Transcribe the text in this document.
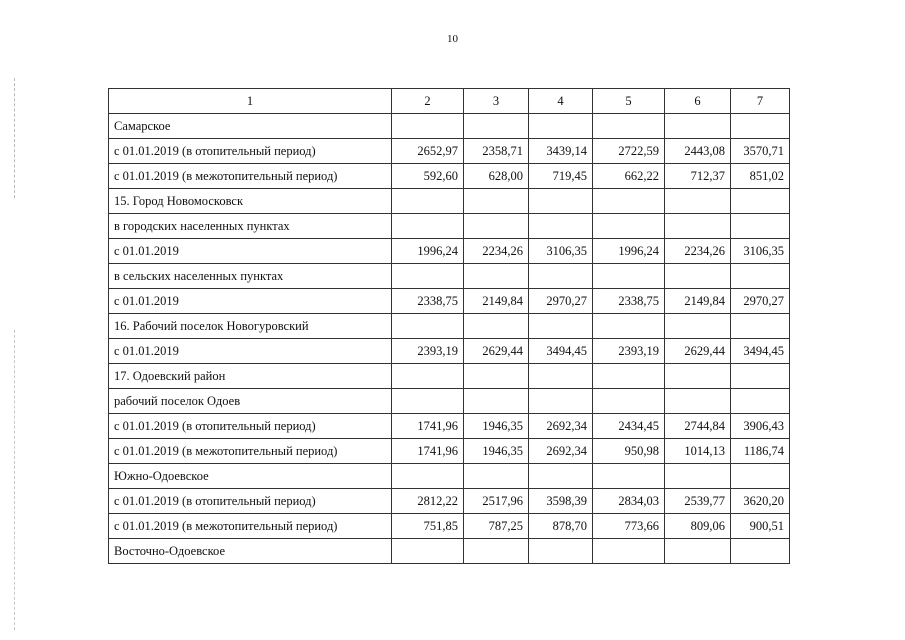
10
1	2	3	4	5	6	7
Самарское						
с 01.01.2019 (в отопительный период)	2652,97	2358,71	3439,14	2722,59	2443,08	3570,71
с 01.01.2019 (в межотопительный период)	592,60	628,00	719,45	662,22	712,37	851,02
15. Город Новомосковск						
в городских населенных пунктах						
с 01.01.2019	1996,24	2234,26	3106,35	1996,24	2234,26	3106,35
в сельских населенных пунктах						
с 01.01.2019	2338,75	2149,84	2970,27	2338,75	2149,84	2970,27
16. Рабочий поселок Новогуровский						
с 01.01.2019	2393,19	2629,44	3494,45	2393,19	2629,44	3494,45
17. Одоевский район						
рабочий поселок Одоев						
с 01.01.2019 (в отопительный период)	1741,96	1946,35	2692,34	2434,45	2744,84	3906,43
с 01.01.2019 (в межотопительный период)	1741,96	1946,35	2692,34	950,98	1014,13	1186,74
Южно-Одоевское						
с 01.01.2019 (в отопительный период)	2812,22	2517,96	3598,39	2834,03	2539,77	3620,20
с 01.01.2019 (в межотопительный период)	751,85	787,25	878,70	773,66	809,06	900,51
Восточно-Одоевское						
